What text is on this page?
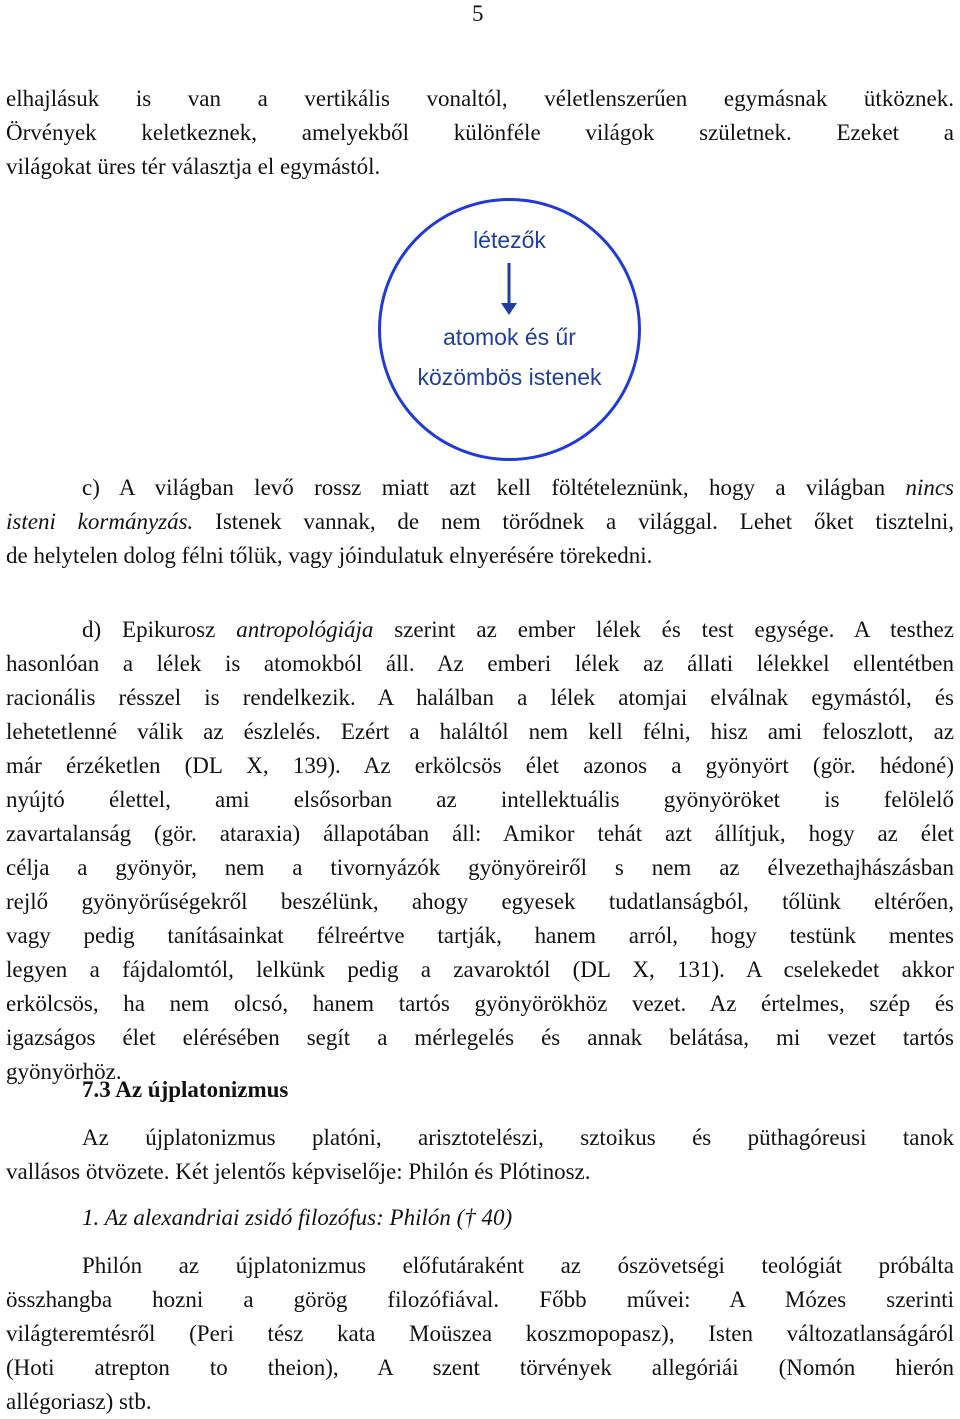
5
elhajlásuk is van a vertikális vonaltól, véletlenszerűen egymásnak ütköznek.
Örvények keletkeznek, amelyekből különféle világok születnek. Ezeket a
világokat üres tér választja el egymástól.
létezők
atomok és űr
közömbös istenek
c) A világban levő rossz miatt azt kell föltételeznünk, hogy a világban nincs
isteni kormányzás. Istenek vannak, de nem törődnek a világgal. Lehet őket tisztelni,
de helytelen dolog félni tőlük, vagy jóindulatuk elnyerésére törekedni.
d) Epikurosz antropológiája szerint az ember lélek és test egysége. A testhez
hasonlóan a lélek is atomokból áll. Az emberi lélek az állati lélekkel ellentétben
racionális résszel is rendelkezik. A halálban a lélek atomjai elválnak egymástól, és
lehetetlenné válik az észlelés. Ezért a haláltól nem kell félni, hisz ami feloszlott, az
már érzéketlen (DL X, 139). Az erkölcsös élet azonos a gyönyört (gör. hédoné)
nyújtó élettel, ami elsősorban az intellektuális gyönyöröket is felölelő
zavartalanság (gör. ataraxia) állapotában áll: Amikor tehát azt állítjuk, hogy az élet
célja a gyönyör, nem a tivornyázók gyönyöreiről s nem az élvezethajhászásban
rejlő gyönyörűségekről beszélünk, ahogy egyesek tudatlanságból, tőlünk eltérően,
vagy pedig tanításainkat félreértve tartják, hanem arról, hogy testünk mentes
legyen a fájdalomtól, lelkünk pedig a zavaroktól (DL X, 131). A cselekedet akkor
erkölcsös, ha nem olcsó, hanem tartós gyönyörökhöz vezet. Az értelmes, szép és
igazságos élet elérésében segít a mérlegelés és annak belátása, mi vezet tartós
gyönyörhöz.
7.3 Az újplatonizmus
Az újplatonizmus platóni, arisztotelészi, sztoikus és püthagóreusi tanok
vallásos ötvözete. Két jelentős képviselője: Philón és Plótinosz.
1. Az alexandriai zsidó filozófus: Philón († 40)
Philón az újplatonizmus előfutáraként az ószövetségi teológiát próbálta
összhangba hozni a görög filozófiával. Főbb művei: A Mózes szerinti
világteremtésről (Peri tész kata Moüszea koszmopopasz), Isten változatlanságáról
(Hoti atrepton to theion), A szent törvények allegóriái (Nomón hierón
allégoriasz) stb.
